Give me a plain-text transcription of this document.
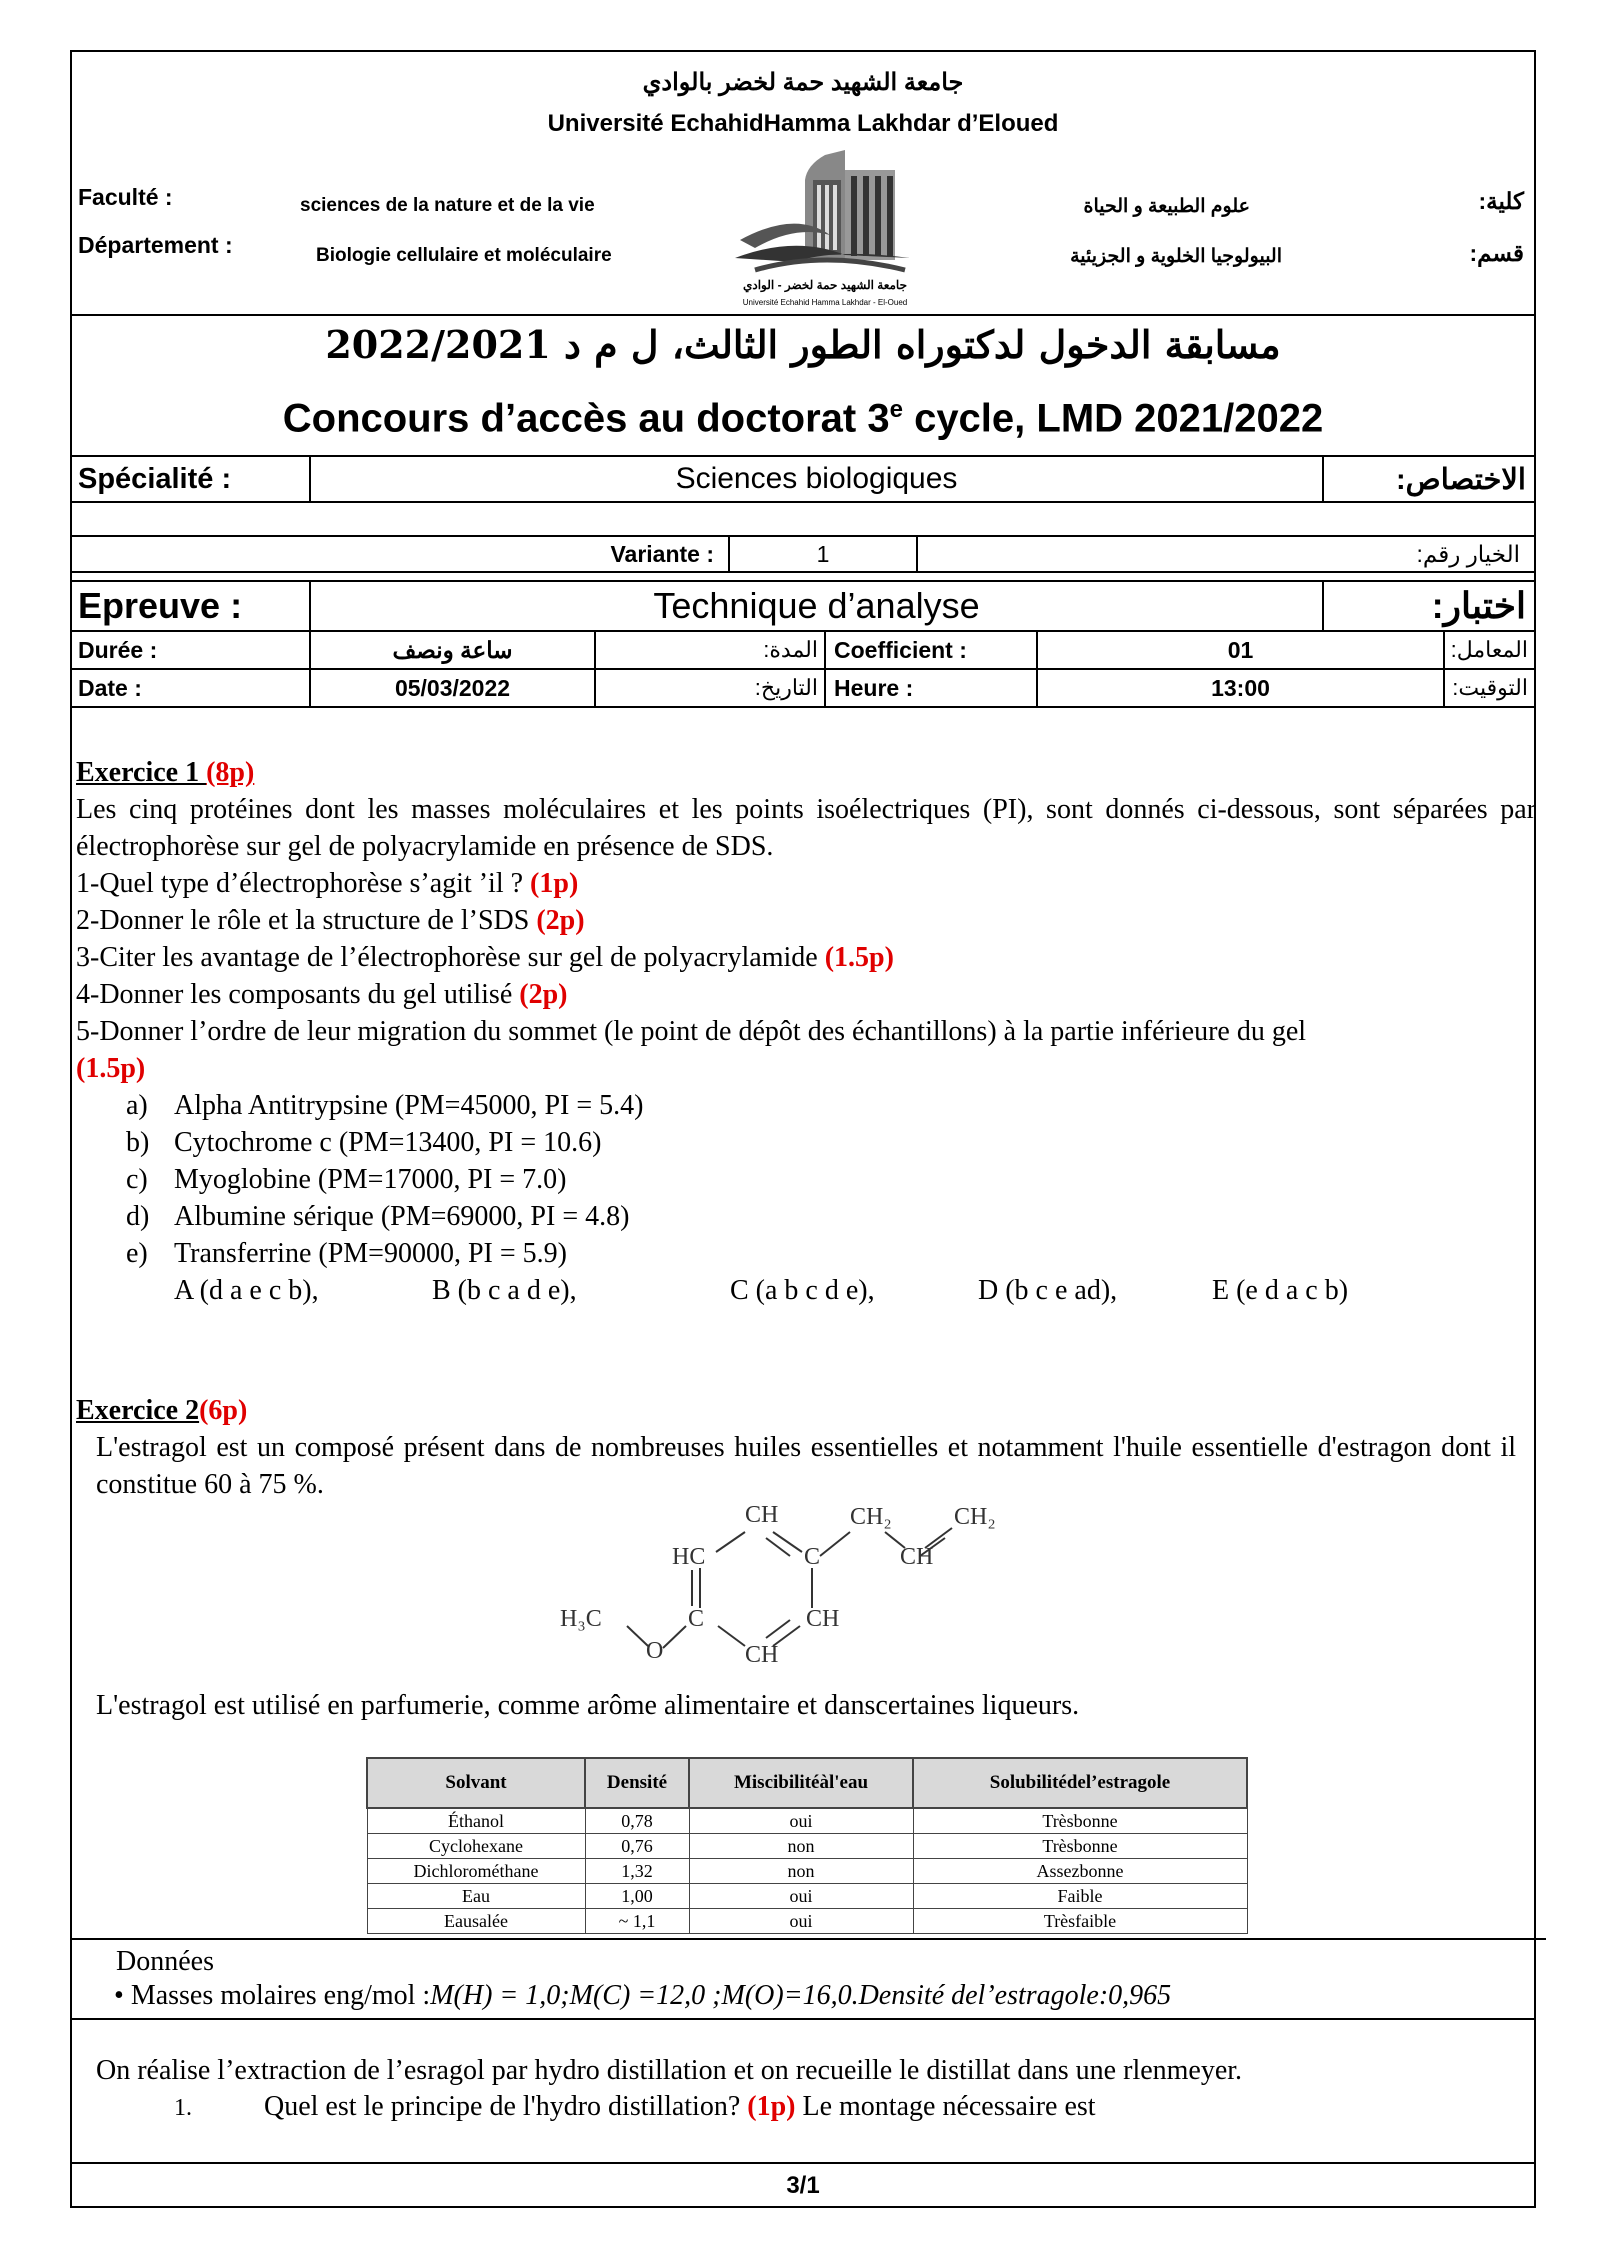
جامعة الشهيد حمة لخضر بالوادي
Université EchahidHamma Lakhdar d’Eloued
Faculté :	sciences de la nature et de la vie	علوم الطبيعة و الحياة	كلية:
Département :	Biologie cellulaire et moléculaire	البيولوجيا الخلوية و الجزيئية	قسم:
جامعة الشهيد حمة لخضر - الوادي
Université Echahid Hamma Lakhdar - El-Oued
مسابقة الدخول لدكتوراه الطور الثالث، ل م د 2022/2021
Concours d’accès au doctorat 3e cycle, LMD 2021/2022
Spécialité :	Sciences biologiques	الاختصاص:
Variante :	1	الخيار رقم:
Epreuve :	Technique d’analyse	اختبار:
Durée :	ساعة ونصف	المدة: Coefficient :	01	المعامل:
Date :	05/03/2022	التاريخ: Heure :	13:00	التوقيت:
Exercice 1 (8p)
Les cinq protéines dont les masses moléculaires et les points isoélectriques (PI), sont donnés ci-dessous, sont séparées par électrophorèse sur gel de polyacrylamide en présence de SDS.
1-Quel type d’électrophorèse s’agit ’il ? (1p)
2-Donner le rôle et la structure de l’SDS (2p)
3-Citer les avantage de l’électrophorèse sur gel de polyacrylamide (1.5p)
4-Donner les composants du gel utilisé (2p)
5-Donner l’ordre de leur migration du sommet (le point de dépôt des échantillons) à la partie inférieure du gel
(1.5p)
a) Alpha Antitrypsine (PM=45000, PI = 5.4)
b) Cytochrome c (PM=13400, PI = 10.6)
c) Myoglobine (PM=17000, PI = 7.0)
d) Albumine sérique (PM=69000, PI = 4.8)
e) Transferrine (PM=90000, PI = 5.9)
A (d a e c b),	B (b c a d e),	C (a b c d e),	D (b c e ad),	E (e d a c b)
Exercice 2(6p)
L'estragol est un composé présent dans de nombreuses huiles essentielles et notamment l'huile essentielle d'estragon dont il constitue 60 à 75 %.
CH	CH₂	CH₂
HC	C	CH
H₃C
O
C	CH
CH
L'estragol est utilisé en parfumerie, comme arôme alimentaire et danscertaines liqueurs.
Solvant	Densité	Miscibilitéàl'eau	Solubilitédel’estragole
Éthanol	0,78	oui	Trèsbonne
Cyclohexane	0,76	non	Trèsbonne
Dichlorométhane	1,32	non	Assezbonne
Eau	1,00	oui	Faible
Eausalée	~ 1,1	oui	Trèsfaible
Données
• Masses molaires eng/mol :M(H) = 1,0;M(C) =12,0 ;M(O)=16,0.Densité del’estragole:0,965
On réalise l’extraction de l’esragol par hydro distillation et on recueille le distillat dans une rlenmeyer.
1.	Quel est le principe de l'hydro distillation? (1p) Le montage nécessaire est
3/1
